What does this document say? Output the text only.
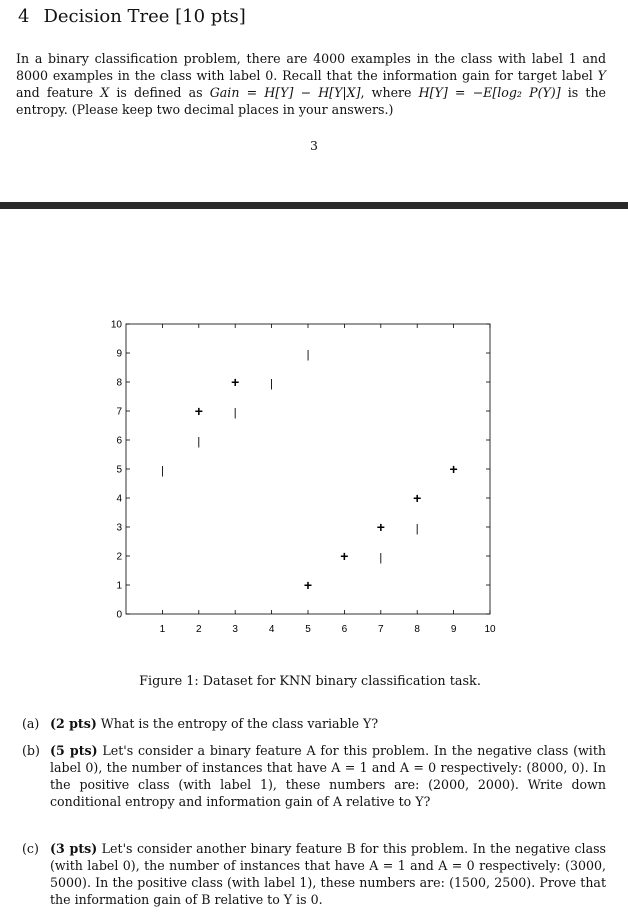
4 Decision Tree [10 pts]
In a binary classification problem, there are 4000 examples in the class with label 1 and 8000 examples in the class with label 0. Recall that the information gain for target label Y and feature X is defined as Gain = H[Y] − H[Y|X], where H[Y] = −E[log₂ P(Y)] is the entropy. (Please keep two decimal places in your answers.)
3
1	2	3	4	5	6	7	8	9	10
0
1
2
3
4
5
6
7
8
9
10
+
+
+
+
+
+
+
|
|
|
|
|
|
|
Figure 1: Dataset for KNN binary classification task.
(a) (2 pts) What is the entropy of the class variable Y?
(b) (5 pts) Let's consider a binary feature A for this problem. In the negative class (with label 0), the number of instances that have A = 1 and A = 0 respectively: (8000, 0). In the positive class (with label 1), these numbers are: (2000, 2000). Write down conditional entropy and information gain of A relative to Y?
(c) (3 pts) Let's consider another binary feature B for this problem. In the negative class (with label 0), the number of instances that have A = 1 and A = 0 respectively: (3000, 5000). In the positive class (with label 1), these numbers are: (1500, 2500). Prove that the information gain of B relative to Y is 0.
